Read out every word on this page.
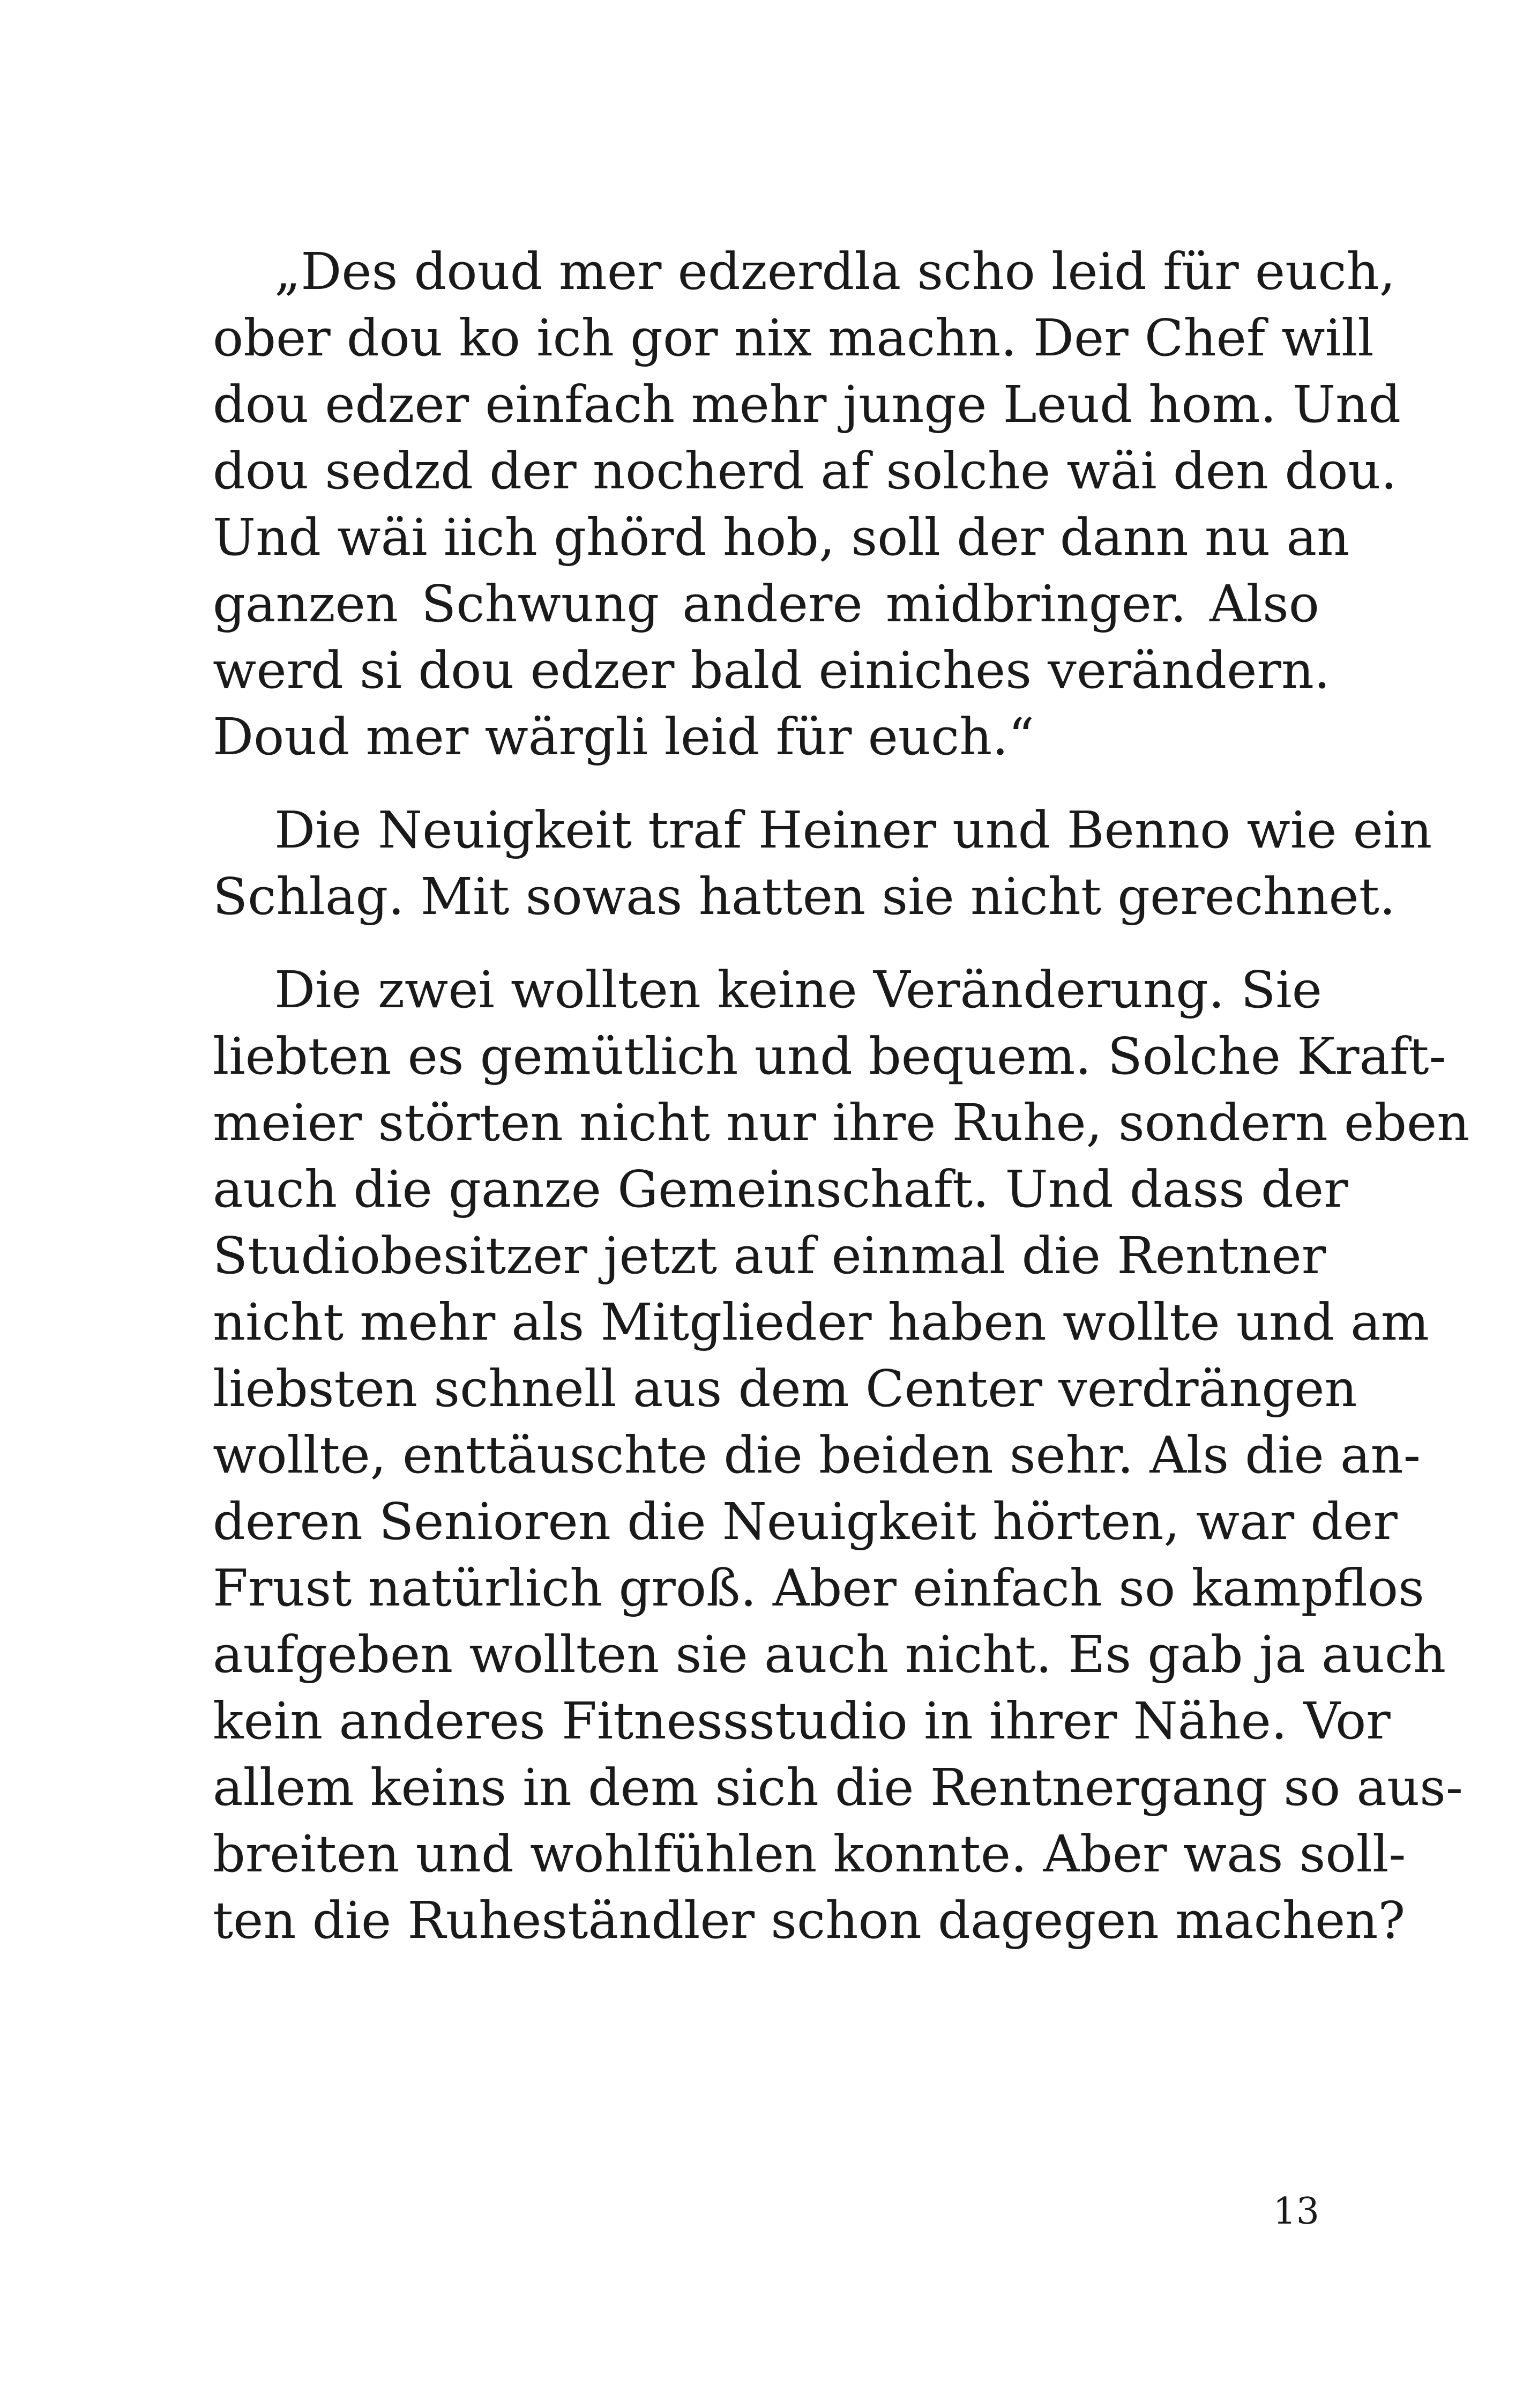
„Des doud mer edzerdla scho leid für euch,
ober dou ko ich gor nix machn. Der Chef will
dou edzer einfach mehr junge Leud hom. Und
dou sedzd der nocherd af solche wäi den dou.
Und wäi iich ghörd hob, soll der dann nu an
ganzen Schwung andere midbringer. Also
werd si dou edzer bald einiches verändern.
Doud mer wärgli leid für euch.“
Die Neuigkeit traf Heiner und Benno wie ein
Schlag. Mit sowas hatten sie nicht gerechnet.
Die zwei wollten keine Veränderung. Sie
liebten es gemütlich und bequem. Solche Kraft-
meier störten nicht nur ihre Ruhe, sondern eben
auch die ganze Gemeinschaft. Und dass der
Studiobesitzer jetzt auf einmal die Rentner
nicht mehr als Mitglieder haben wollte und am
liebsten schnell aus dem Center verdrängen
wollte, enttäuschte die beiden sehr. Als die an-
deren Senioren die Neuigkeit hörten, war der
Frust natürlich groß. Aber einfach so kampflos
aufgeben wollten sie auch nicht. Es gab ja auch
kein anderes Fitnessstudio in ihrer Nähe. Vor
allem keins in dem sich die Rentnergang so aus-
breiten und wohlfühlen konnte. Aber was soll-
ten die Ruheständler schon dagegen machen?
13
